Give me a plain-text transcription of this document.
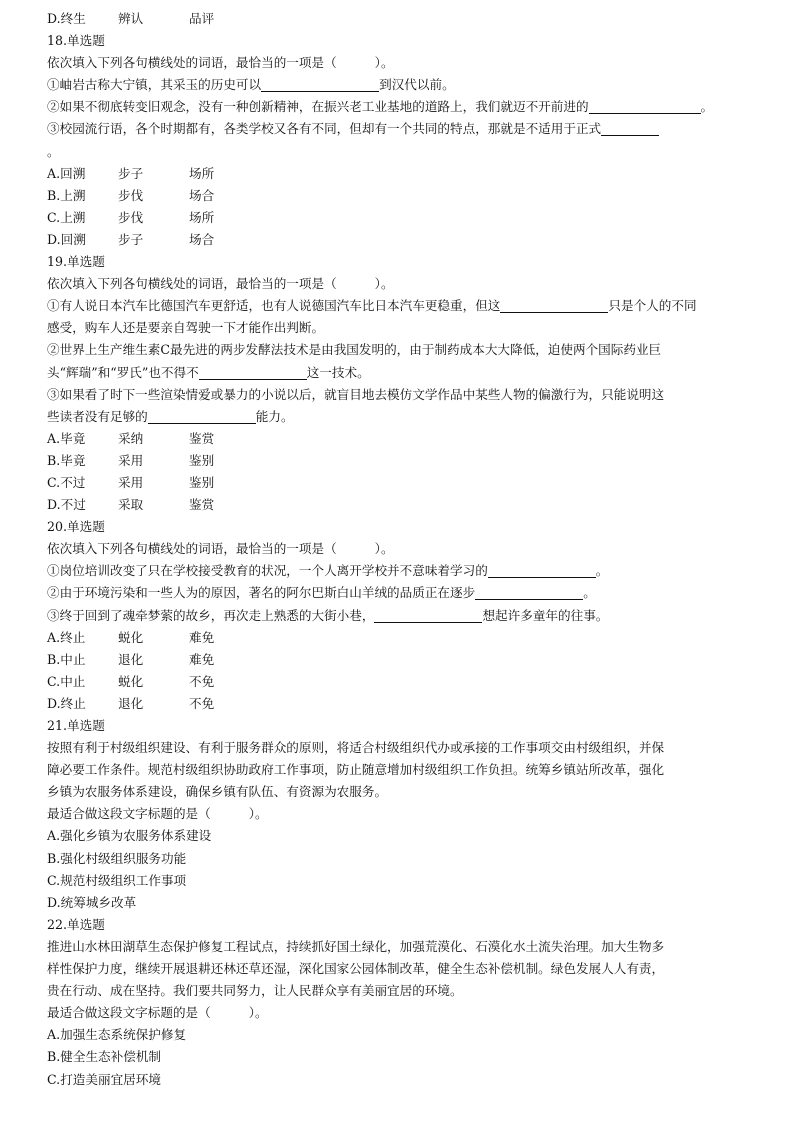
D.终生	辨认	品评
18.单选题
依次填入下列各句横线处的词语，最恰当的一项是（	）。
①岫岩古称大宁镇，其采玉的历史可以	到汉代以前。
②如果不彻底转变旧观念，没有一种创新精神，在振兴老工业基地的道路上，我们就迈不开前进的	。
③校园流行语，各个时期都有，各类学校又各有不同，但却有一个共同的特点，那就是不适用于正式
。
A.回溯	步子	场所
B.上溯	步伐	场合
C.上溯	步伐	场所
D.回溯	步子	场合
19.单选题
依次填入下列各句横线处的词语，最恰当的一项是（	）。
①有人说日本汽车比德国汽车更舒适，也有人说德国汽车比日本汽车更稳重，但这	只是个人的不同
感受，购车人还是要亲自驾驶一下才能作出判断。
②世界上生产维生素C最先进的两步发酵法技术是由我国发明的，由于制药成本大大降低，迫使两个国际药业巨
头“辉瑞”和“罗氏”也不得不	这一技术。
③如果看了时下一些渲染情爱或暴力的小说以后，就盲目地去模仿文学作品中某些人物的偏激行为，只能说明这
些读者没有足够的	能力。
A.毕竟	采纳	鉴赏
B.毕竟	采用	鉴别
C.不过	采用	鉴别
D.不过	采取	鉴赏
20.单选题
依次填入下列各句横线处的词语，最恰当的一项是（	）。
①岗位培训改变了只在学校接受教育的状况，一个人离开学校并不意味着学习的	。
②由于环境污染和一些人为的原因，著名的阿尔巴斯白山羊绒的品质正在逐步	。
③终于回到了魂牵梦萦的故乡，再次走上熟悉的大街小巷，	想起许多童年的往事。
A.终止	蜕化	难免
B.中止	退化	难免
C.中止	蜕化	不免
D.终止	退化	不免
21.单选题
按照有利于村级组织建设、有利于服务群众的原则，将适合村级组织代办或承接的工作事项交由村级组织，并保
障必要工作条件。规范村级组织协助政府工作事项，防止随意增加村级组织工作负担。统筹乡镇站所改革，强化
乡镇为农服务体系建设，确保乡镇有队伍、有资源为农服务。
最适合做这段文字标题的是（	）。
A.强化乡镇为农服务体系建设
B.强化村级组织服务功能
C.规范村级组织工作事项
D.统筹城乡改革
22.单选题
推进山水林田湖草生态保护修复工程试点，持续抓好国土绿化，加强荒漠化、石漠化水土流失治理。加大生物多
样性保护力度，继续开展退耕还林还草还湿，深化国家公园体制改革，健全生态补偿机制。绿色发展人人有责，
贵在行动、成在坚持。我们要共同努力，让人民群众享有美丽宜居的环境。
最适合做这段文字标题的是（	）。
A.加强生态系统保护修复
B.健全生态补偿机制
C.打造美丽宜居环境
